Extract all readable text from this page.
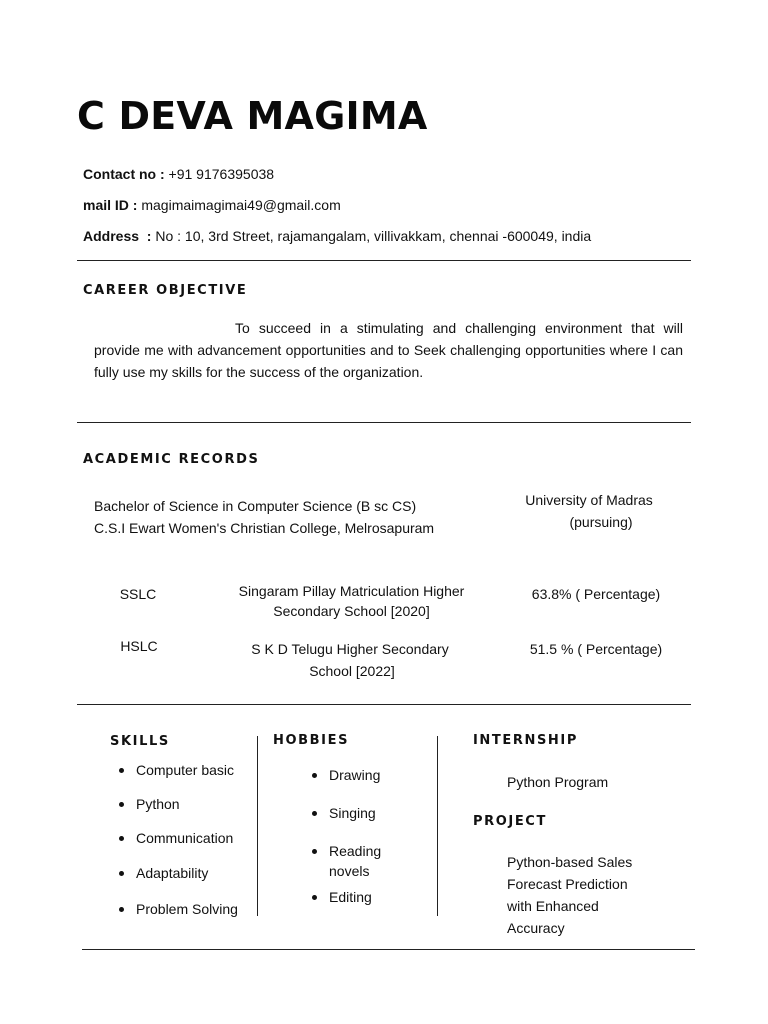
C DEVA MAGIMA
Contact no : +91 9176395038
mail ID : magimaimagimai49@gmail.com
Address  : No : 10, 3rd Street, rajamangalam, villivakkam, chennai -600049, india
CAREER OBJECTIVE
To succeed in a stimulating and challenging environment that will provide me with advancement opportunities and to Seek challenging opportunities where I can fully use my skills for the success of the organization.
ACADEMIC RECORDS
Bachelor of Science in Computer Science (B sc CS)
C.S.I Ewart Women's Christian College, Melrosapuram
University of Madras
(pursuing)
SSLC	Singaram Pillay Matriculation Higher
Secondary School [2020]
63.8% ( Percentage)
HSLC	S K D Telugu Higher Secondary
School [2022]
51.5 % ( Percentage)
SKILLS
Computer basic
Python
Communication
Adaptability
Problem Solving
HOBBIES
Drawing
Singing
Reading
novels
Editing
INTERNSHIP
Python Program
PROJECT
Python-based Sales
Forecast Prediction
with Enhanced
Accuracy
